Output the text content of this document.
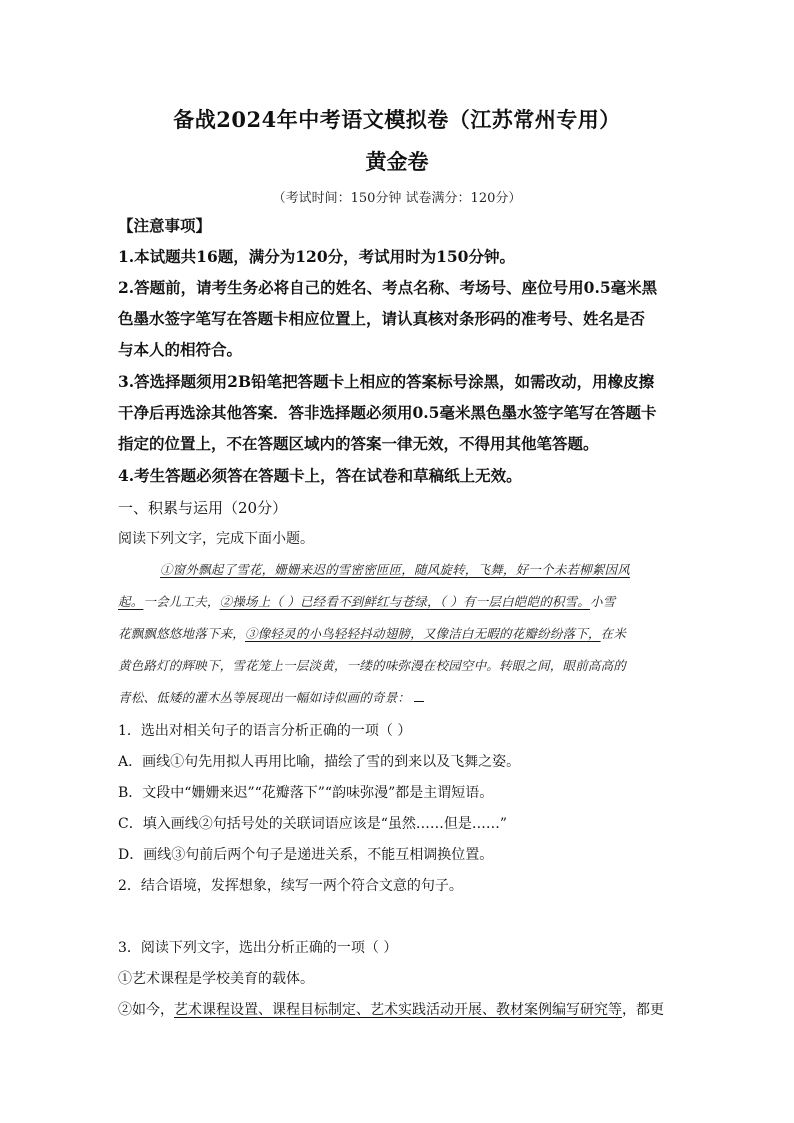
备战2024年中考语文模拟卷（江苏常州专用）
黄金卷
（考试时间：150分钟 试卷满分：120分）
【注意事项】
1.本试题共16题，满分为120分，考试用时为150分钟。
2.答题前，请考生务必将自己的姓名、考点名称、考场号、座位号用0.5毫米黑
色墨水签字笔写在答题卡相应位置上，请认真核对条形码的准考号、姓名是否
与本人的相符合。
3.答选择题须用2B铅笔把答题卡上相应的答案标号涂黑，如需改动，用橡皮擦
干净后再选涂其他答案．答非选择题必须用0.5毫米黑色墨水签字笔写在答题卡
指定的位置上，不在答题区域内的答案一律无效，不得用其他笔答题。
4.考生答题必须答在答题卡上，答在试卷和草稿纸上无效。
一、积累与运用（20分）
阅读下列文字，完成下面小题。
①窗外飘起了雪花，姗姗来迟的雪密密匝匝，随风旋转，飞舞，好一个未若柳絮因风
起。一会儿工夫，②操场上（ ）已经看不到鲜红与苍绿，（ ）有一层白皑皑的积雪。小雪
花飘飘悠悠地落下来，③像轻灵的小鸟轻轻抖动翅膀，又像洁白无暇的花瓣纷纷落下，在米
黄色路灯的辉映下，雪花笼上一层淡黄，一缕的味弥漫在校园空中。转眼之间，眼前高高的
青松、低矮的灌木丛等展现出一幅如诗似画的奇景：
1．选出对相关句子的语言分析正确的一项（ ）
A．画线①句先用拟人再用比喻，描绘了雪的到来以及飞舞之姿。
B．文段中“姗姗来迟”“花瓣落下”“韵味弥漫”都是主谓短语。
C．填入画线②句括号处的关联词语应该是“虽然……但是……”
D．画线③句前后两个句子是递进关系，不能互相调换位置。
2．结合语境，发挥想象，续写一两个符合文意的句子。
3．阅读下列文字，选出分析正确的一项（ ）
①艺术课程是学校美育的载体。
②如今，艺术课程设置、课程目标制定、艺术实践活动开展、教材案例编写研究等，都更
